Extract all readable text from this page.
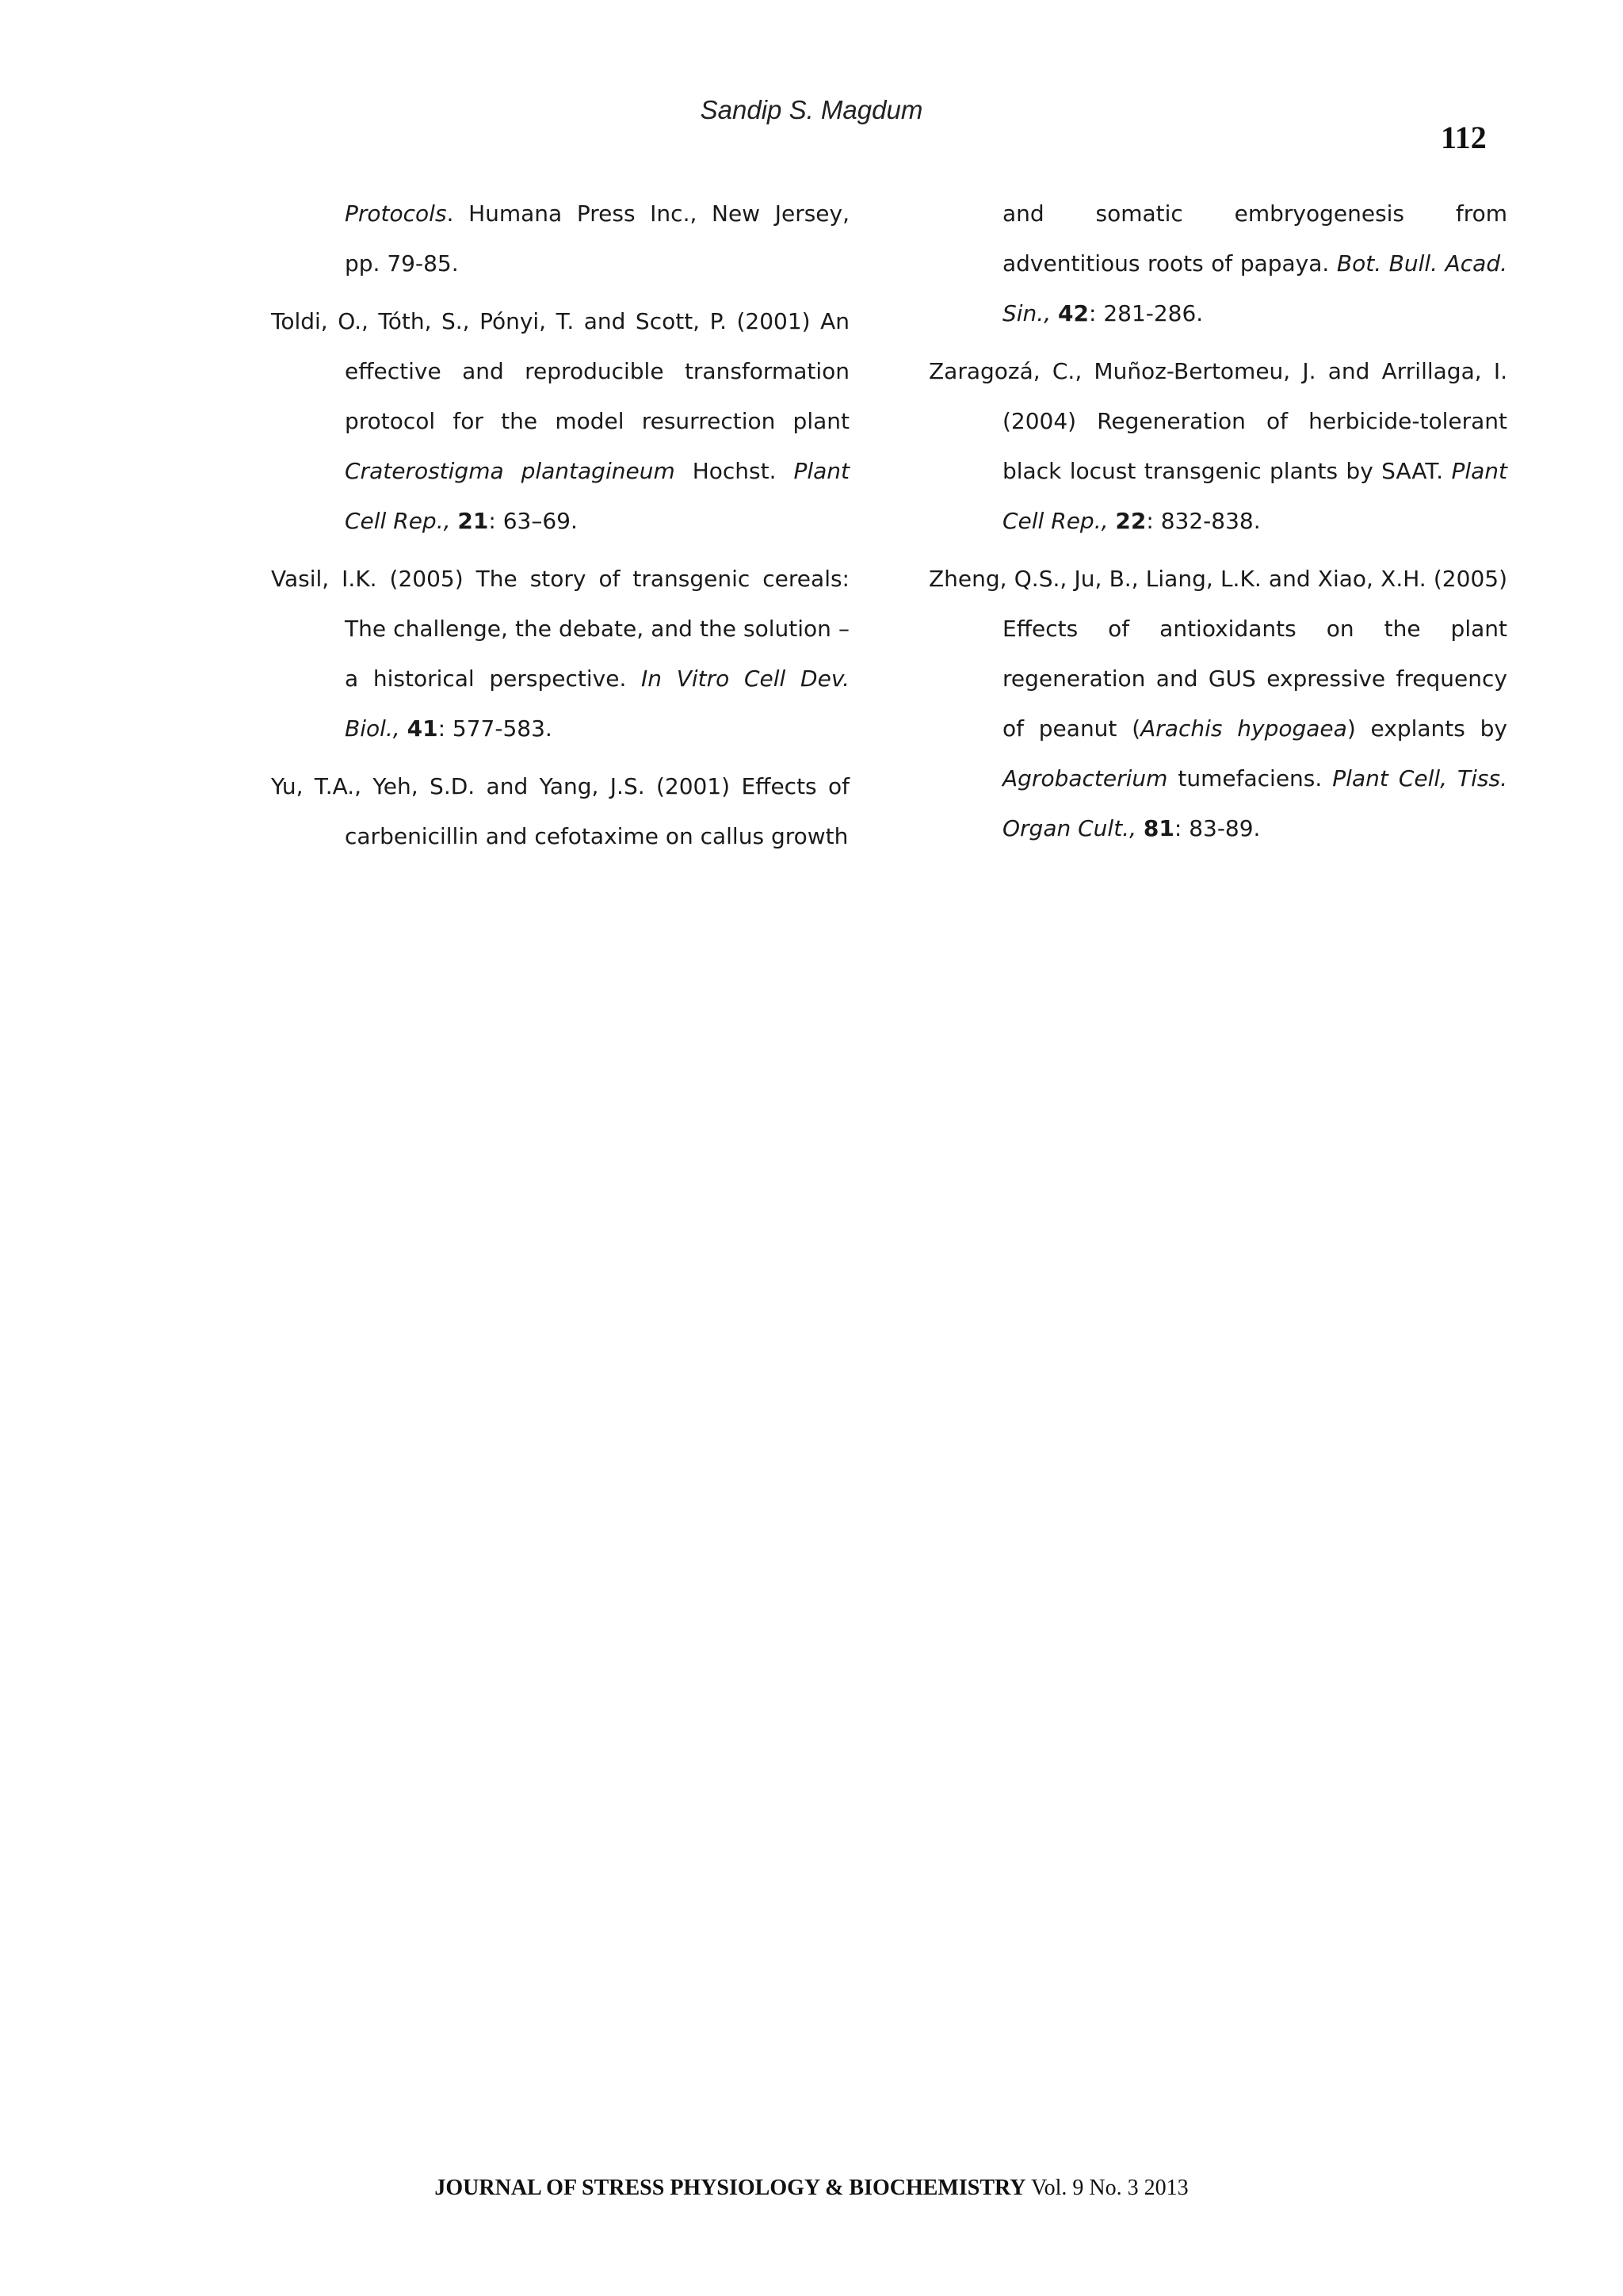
Sandip S. Magdum
112

Protocols. Humana Press Inc., New Jersey, pp. 79-85.

Toldi, O., Tóth, S., Pónyi, T. and Scott, P. (2001) An effective and reproducible transformation protocol for the model resurrection plant Craterostigma plantagineum Hochst. Plant Cell Rep., 21: 63–69.

Vasil, I.K. (2005) The story of transgenic cereals: The challenge, the debate, and the solution – a historical perspective. In Vitro Cell Dev. Biol., 41: 577-583.

Yu, T.A., Yeh, S.D. and Yang, J.S. (2001) Effects of carbenicillin and cefotaxime on callus growth

and somatic embryogenesis from adventitious roots of papaya. Bot. Bull. Acad. Sin., 42: 281-286.

Zaragozá, C., Muñoz-Bertomeu, J. and Arrillaga, I. (2004) Regeneration of herbicide-tolerant black locust transgenic plants by SAAT. Plant Cell Rep., 22: 832-838.

Zheng, Q.S., Ju, B., Liang, L.K. and Xiao, X.H. (2005) Effects of antioxidants on the plant regeneration and GUS expressive frequency of peanut (Arachis hypogaea) explants by Agrobacterium tumefaciens. Plant Cell, Tiss. Organ Cult., 81: 83-89.

JOURNAL OF STRESS PHYSIOLOGY & BIOCHEMISTRY Vol. 9 No. 3 2013
